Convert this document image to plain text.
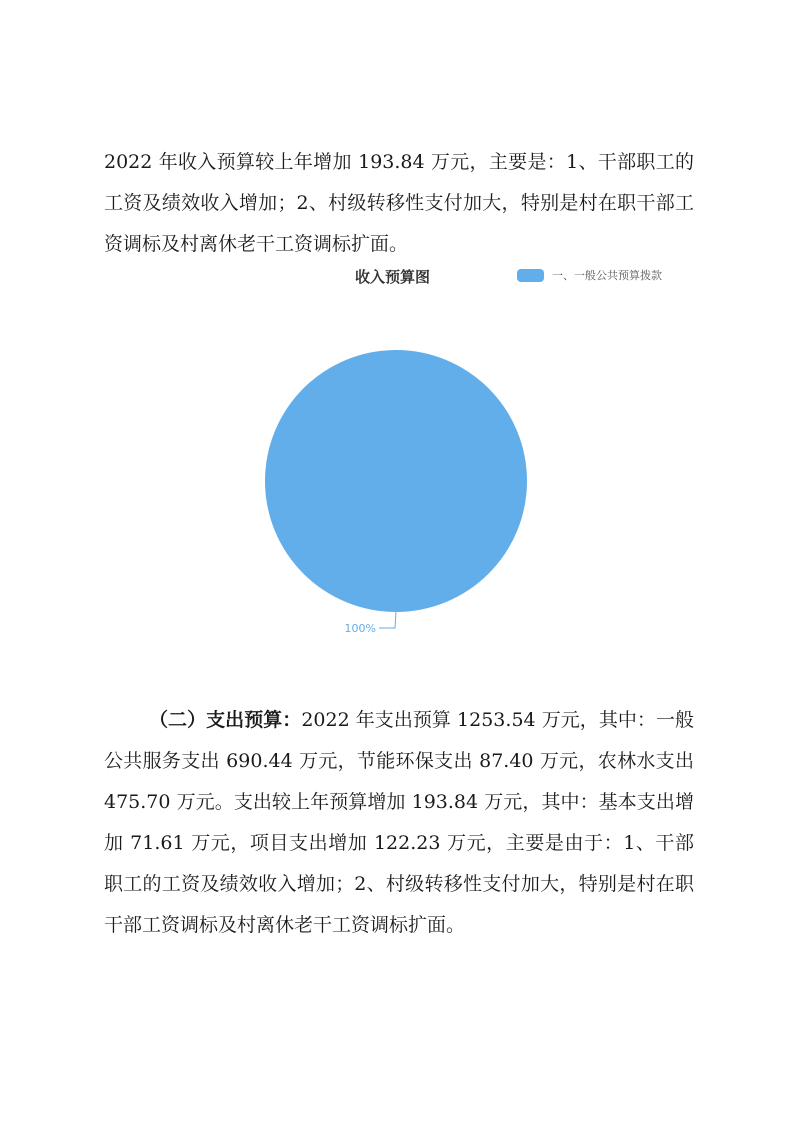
2022 年收入预算较上年增加 193.84 万元，主要是：1、干部职工的工资及绩效收入增加；2、村级转移性支付加大，特别是村在职干部工资调标及村离休老干工资调标扩面。

收入预算图	一、一般公共预算拨款
100%

（二）支出预算：2022 年支出预算 1253.54 万元，其中：一般公共服务支出 690.44 万元，节能环保支出 87.40 万元，农林水支出 475.70 万元。支出较上年预算增加 193.84 万元，其中：基本支出增加 71.61 万元，项目支出增加 122.23 万元，主要是由于：1、干部职工的工资及绩效收入增加；2、村级转移性支付加大，特别是村在职干部工资调标及村离休老干工资调标扩面。
